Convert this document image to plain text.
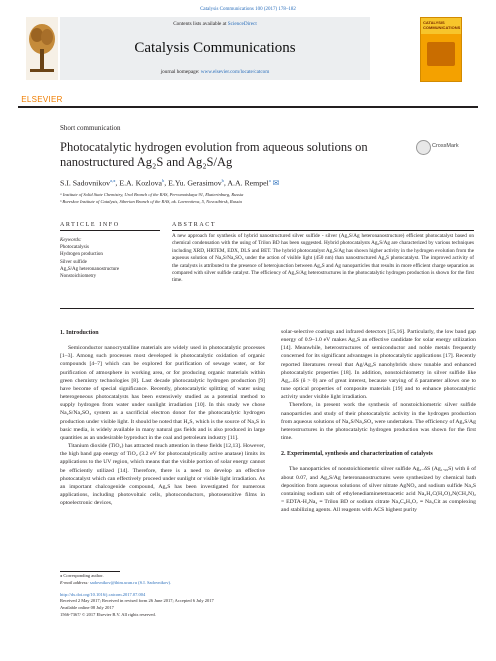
Catalysis Communications 100 (2017) 178–182
ELSEVIER
Contents lists available at ScienceDirect
Catalysis Communications
journal homepage: www.elsevier.com/locate/catcom
CATALYSIS COMMUNICATIONS
Short communication
Photocatalytic hydrogen evolution from aqueous solutions on
nanostructured Ag₂S and Ag₂S/Ag
CrossMark
S.I. Sadovnikov$^{a,⁎}$, E.A. Kozlova$^b$, E.Yu. Gerasimov$^b$, A.A. Rempel$^a$ ✉
ᵃ Institute of Solid State Chemistry, Ural Branch of the RAS, Pervomaiskaya 91, Ekaterinburg, Russia
ᵇ Boreskov Institute of Catalysis, Siberian Branch of the RAS, ak. Lavrentieva, 5, Novosibirsk, Russia
ARTICLE INFO
Keywords:
Photocatalysis
Hydrogen production
Silver sulfide
Ag₂S/Ag heteronanostructure
Nonstoichiometry
ABSTRACT
A new approach for synthesis of hybrid nanostructured silver sulfide - silver (Ag₂S/Ag heteronanostructure) efficient photocatalyst based on chemical condensation with the using of Trilon BD has been suggested. Hybrid photocatalysts Ag₂S/Ag are characterized by various techniques including XRD, HRTEM, EDX, DLS and BET. The hybrid photocatalyst Ag₂S/Ag has shown higher activity in the hydrogen evolution from the aqueous solution of Na₂S/Na₂SO₃ under the action of visible light (450 nm) than nanostructured Ag₂S photocatalyst. The improved activity of the catalysts is attributed to the presence of heterojunction between Ag₂S and Ag nanoparticles that results in more efficient charge separation as compared with silver sulfide catalyst. The efficiency of Ag₂S/Ag heterostructures in the photocatalytic hydrogen production is shown for the first time.
1. Introduction

Semiconductor nanocrystalline materials are widely used in photocatalytic processes [1–3]. Among such processes most developed is photocatalytic oxidation of organic compounds [4–7] which can be explored for purification of sewage water, or for purification of atmosphere in working area, or for producing organic materials within green chemistry technologies [8]. Last decade photocatalytic hydrogen production [9] have become of special significance. Recently, photocatalytic splitting of water using heterogeneous photocatalysts has been extensively studied as a potential method to supply hydrogen from water under sunlight irradiation [10]. In this study we chose Na₂S/Na₂SO₃ system as a sacrificial electron donor for the photocatalytic hydrogen production under visible light. It should be noted that H₂S, which is the source of Na₂S in basic media, is widely available in many natural gas fields and is also produced in large quantities as an undesirable byproduct in the coal and petroleum industry [11].

Titanium dioxide (TiO₂) has attracted much attention in these fields [12,13]. However, the high band gap energy of TiO₂ (3.2 eV for photocatalytically active anatase) limits its applications to the UV region, which means that the visible portion of solar energy cannot be efficiently utilized [14]. Therefore, there is a need to develop an effective photocatalyst which can effectively proceed under sunlight or visible light irradiation. As an important chalcogenide compound, Ag₂S has been investigated for numerous applications, including photovoltaic cells, photoconductors, photosensitive films in optoelectronic devices,

solar-selective coatings and infrared detectors [15,16]. Particularly, the low band gap energy of 0.9–1.0 eV makes Ag₂S an effective candidate for solar energy utilization [14]. Meanwhile, heterostructures of semiconductor and noble metals frequently concerned for its significant advantages in photocatalytic applications [17]. Recently reported literatures reveal that Ag/Ag₂S nanohybrids show tunable and enhanced photocatalytic properties [18]. In addition, nonstoichiometry in silver sulfide like Ag₂₋δS (δ > 0) are of great interest, because varying of δ parameter allows one to tune optical properties of composite materials [19] and to enhance photocatalytic activity under visible light irradiation.

Therefore, in present work the synthesis of nonstoichiometric silver sulfide nanoparticles and study of their photocatalytic activity in the hydrogen production from aqueous solutions of Na₂S/Na₂SO₃ were undertaken. The efficiency of Ag₂S/Ag heterostructures in the photocatalytic hydrogen production was shown for the first time.

2. Experimental, synthesis and characterization of catalysts

The nanoparticles of nonstoichiometric silver sulfide Ag₂₋δS (Ag₁.₉₉S) with δ of about 0.07, and Ag₂S/Ag heteronanostructures were synthesized by chemical bath deposition from aqueous solutions of silver nitrate AgNO₃ and sodium sulfide Na₂S containing sodium salt of ethylenediaminetetraacetic acid Na₂H₂C(H₂O)₂N(CH₂N)₂ = EDTA-H₂Na₂ ≡ Trilon BD or sodium citrate Na₃C₆H₅O₇ ≡ Na₃Cit as complexing and stabilizing agents. All reagents with ACS highest purity

⁎ Corresponding author.
E-mail address: sadovnikov@ihim.uran.ru (S.I. Sadovnikov).
http://dx.doi.org/10.1016/j.catcom.2017.07.004
Received 2 May 2017; Received in revised form 26 June 2017; Accepted 6 July 2017
Available online 08 July 2017
1566-7367/ © 2017 Elsevier B.V. All rights reserved.
